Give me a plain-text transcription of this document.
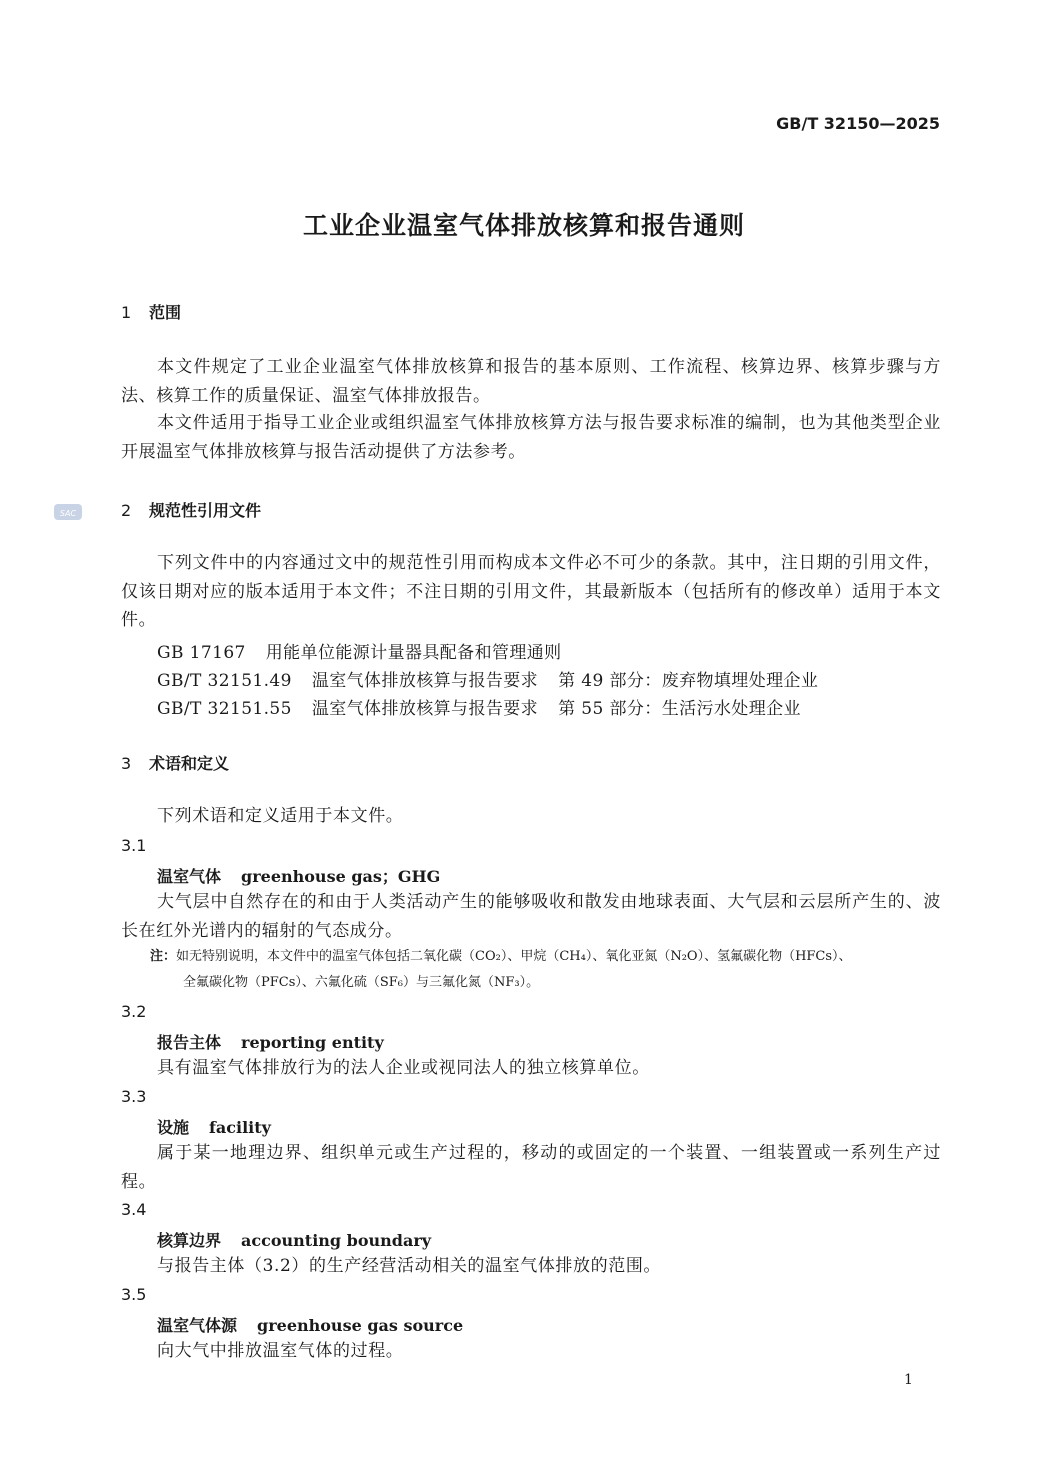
GB/T 32150—2025
工业企业温室气体排放核算和报告通则
SAC
1 范围
本文件规定了工业企业温室气体排放核算和报告的基本原则、工作流程、核算边界、核算步骤与方法、核算工作的质量保证、温室气体排放报告。
本文件适用于指导工业企业或组织温室气体排放核算方法与报告要求标准的编制，也为其他类型企业开展温室气体排放核算与报告活动提供了方法参考。
2 规范性引用文件
下列文件中的内容通过文中的规范性引用而构成本文件必不可少的条款。其中，注日期的引用文件，仅该日期对应的版本适用于本文件；不注日期的引用文件，其最新版本（包括所有的修改单）适用于本文件。
GB 17167 用能单位能源计量器具配备和管理通则
GB/T 32151.49 温室气体排放核算与报告要求 第 49 部分：废弃物填埋处理企业
GB/T 32151.55 温室气体排放核算与报告要求 第 55 部分：生活污水处理企业
3 术语和定义
下列术语和定义适用于本文件。
3.1
温室气体 greenhouse gas；GHG
大气层中自然存在的和由于人类活动产生的能够吸收和散发由地球表面、大气层和云层所产生的、波长在红外光谱内的辐射的气态成分。
注：如无特别说明，本文件中的温室气体包括二氧化碳（CO₂）、甲烷（CH₄）、氧化亚氮（N₂O）、氢氟碳化物（HFCs）、
全氟碳化物（PFCs）、六氟化硫（SF₆）与三氟化氮（NF₃）。
3.2
报告主体 reporting entity
具有温室气体排放行为的法人企业或视同法人的独立核算单位。
3.3
设施 facility
属于某一地理边界、组织单元或生产过程的，移动的或固定的一个装置、一组装置或一系列生产过程。
3.4
核算边界 accounting boundary
与报告主体（3.2）的生产经营活动相关的温室气体排放的范围。
3.5
温室气体源 greenhouse gas source
向大气中排放温室气体的过程。
1
